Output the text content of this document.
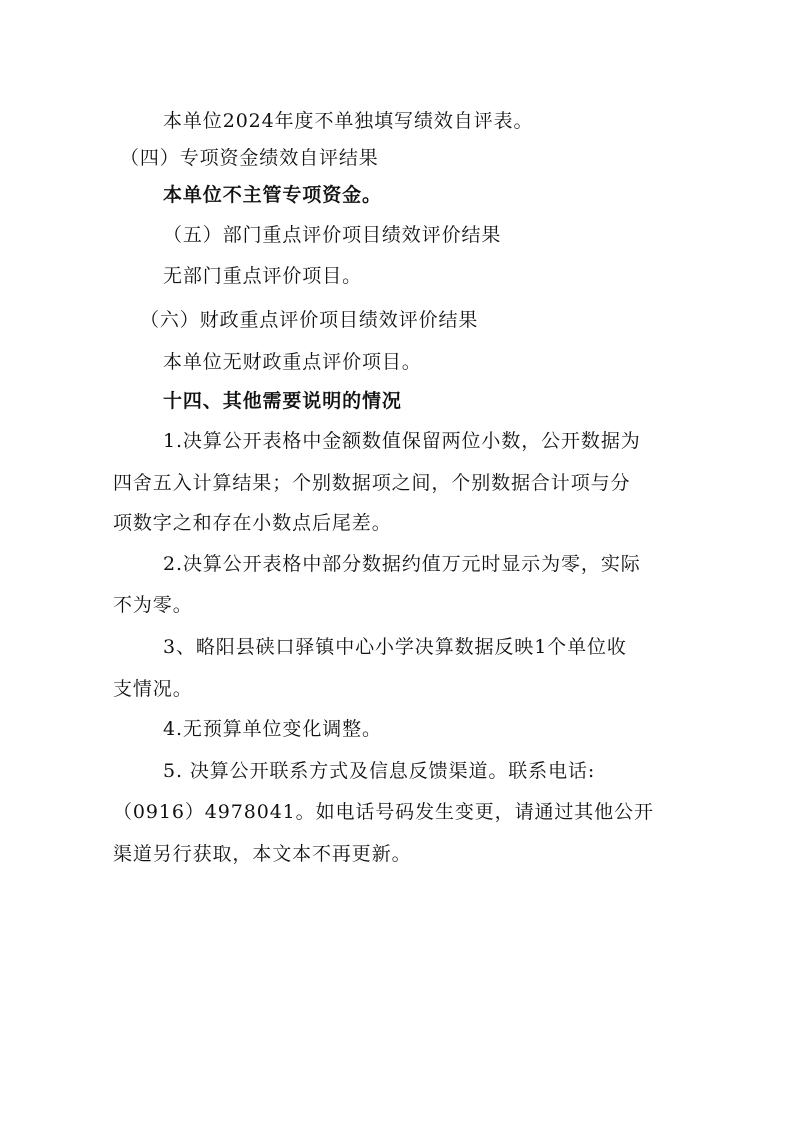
本单位2024年度不单独填写绩效自评表。
（四）专项资金绩效自评结果
本单位不主管专项资金。
（五）部门重点评价项目绩效评价结果
无部门重点评价项目。
（六）财政重点评价项目绩效评价结果
本单位无财政重点评价项目。
十四、其他需要说明的情况
1.决算公开表格中金额数值保留两位小数，公开数据为
四舍五入计算结果；个别数据项之间，个别数据合计项与分
项数字之和存在小数点后尾差。
2.决算公开表格中部分数据约值万元时显示为零，实际
不为零。
3、略阳县硖口驿镇中心小学决算数据反映1个单位收
支情况。
4.无预算单位变化调整。
5. 决算公开联系方式及信息反馈渠道。联系电话:
（0916）4978041。如电话号码发生变更，请通过其他公开
渠道另行获取，本文本不再更新。
